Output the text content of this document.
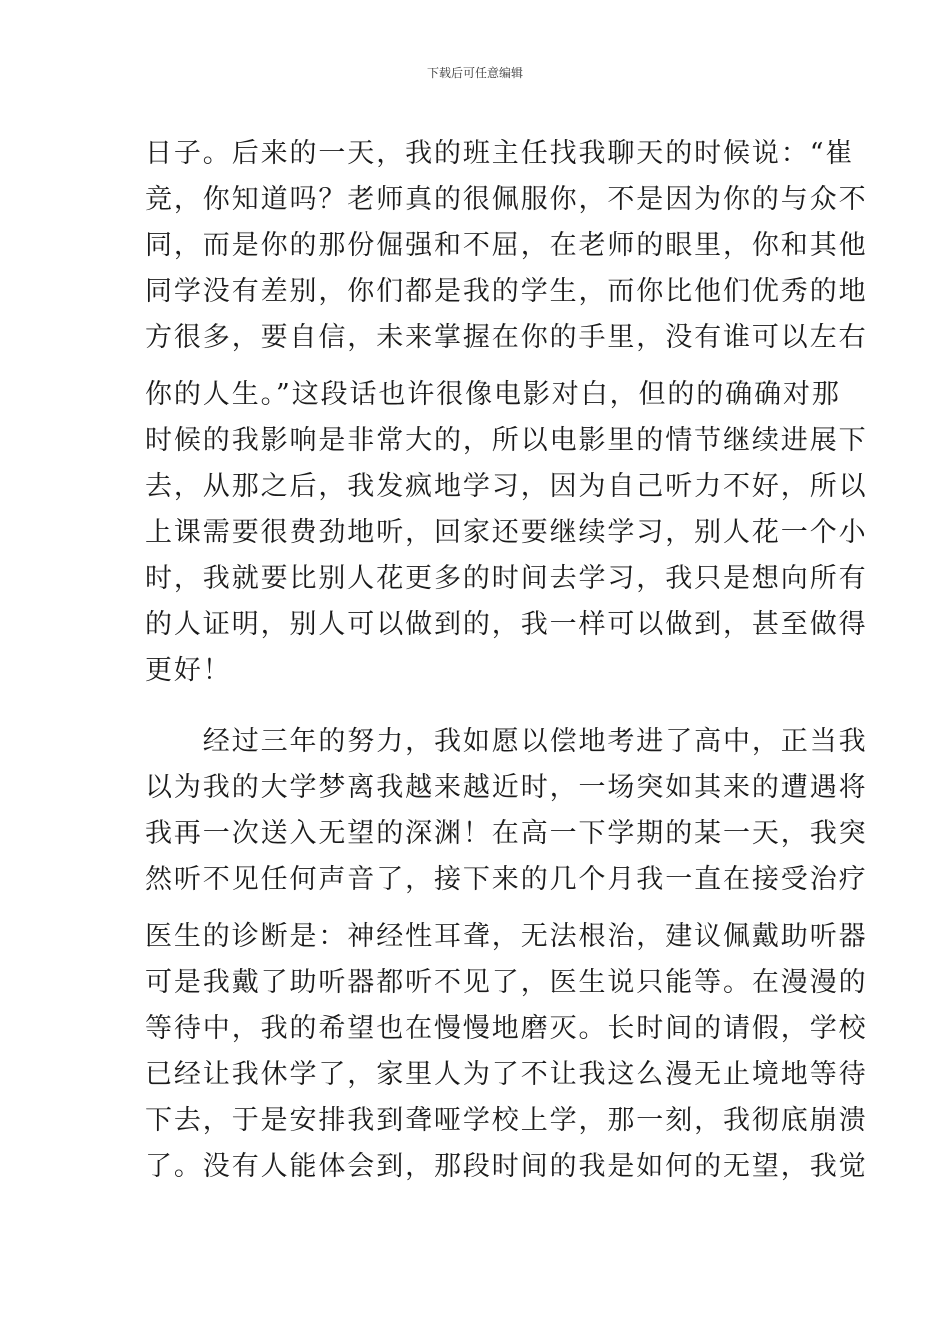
下载后可任意编辑
日子。后来的一天，我的班主任找我聊天的时候说：“崔
竞，你知道吗？老师真的很佩服你，不是因为你的与众不
同，而是你的那份倔强和不屈，在老师的眼里，你和其他
同学没有差别，你们都是我的学生，而你比他们优秀的地
方很多，要自信，未来掌握在你的手里，没有谁可以左右
你的人生。”这段话也许很像电影对白，但的的确确对那
时候的我影响是非常大的，所以电影里的情节继续进展下
去，从那之后，我发疯地学习，因为自己听力不好，所以
上课需要很费劲地听，回家还要继续学习，别人花一个小
时，我就要比别人花更多的时间去学习，我只是想向所有
的人证明，别人可以做到的，我一样可以做到，甚至做得
更好！
　　经过三年的努力，我如愿以偿地考进了高中，正当我
以为我的大学梦离我越来越近时，一场突如其来的遭遇将
我再一次送入无望的深渊！在高一下学期的某一天，我突
然听不见任何声音了，接下来的几个月我一直在接受治疗
医生的诊断是：神经性耳聋，无法根治，建议佩戴助听器
可是我戴了助听器都听不见了，医生说只能等。在漫漫的
等待中，我的希望也在慢慢地磨灭。长时间的请假，学校
已经让我休学了，家里人为了不让我这么漫无止境地等待
下去，于是安排我到聋哑学校上学，那一刻，我彻底崩溃
了。没有人能体会到，那段时间的我是如何的无望，我觉
